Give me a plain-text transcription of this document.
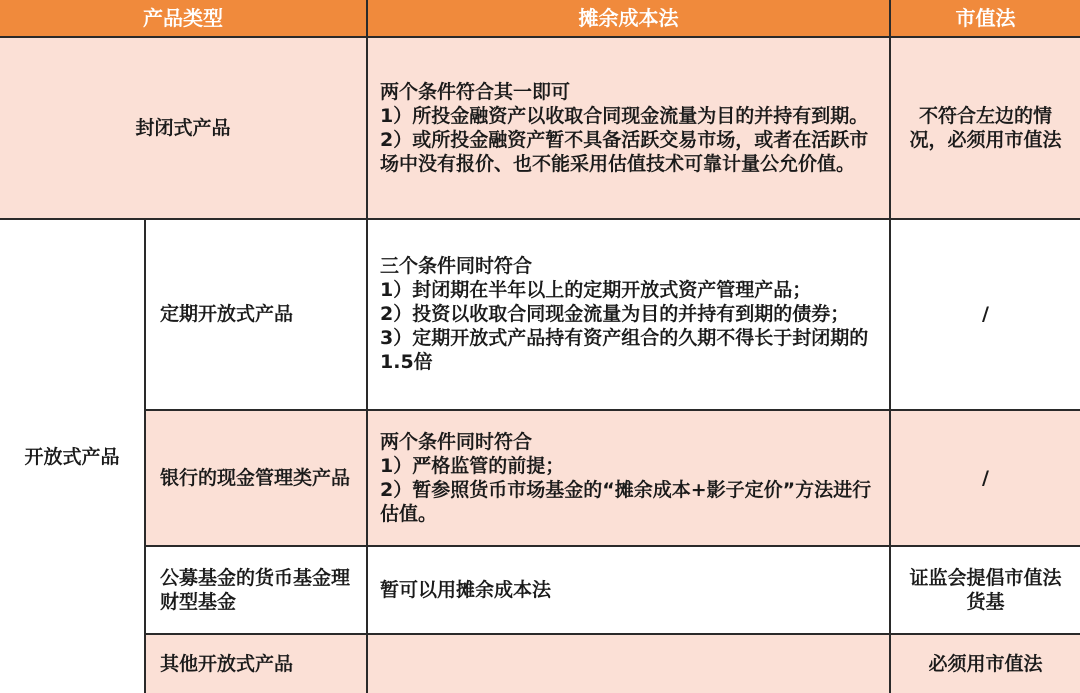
产品类型		摊余成本法	市值法
封闭式产品		两个条件符合其一即可
1）所投金融资产以收取合同现金流量为目的并持有到期。
2）或所投金融资产暂不具备活跃交易市场，或者在活跃市场中没有报价、也不能采用估值技术可靠计量公允价值。	不符合左边的情况，必须用市值法

开放式产品	定期开放式产品	三个条件同时符合
1）封闭期在半年以上的定期开放式资产管理产品；
2）投资以收取合同现金流量为目的并持有到期的债券；
3）定期开放式产品持有资产组合的久期不得长于封闭期的1.5倍	/
	银行的现金管理类产品	两个条件同时符合
1）严格监管的前提；
2）暂参照货币市场基金的“摊余成本+影子定价”方法进行估值。	/
	公募基金的货币基金理财型基金	暂可以用摊余成本法	证监会提倡市值法货基

	其他开放式产品		必须用市值法
